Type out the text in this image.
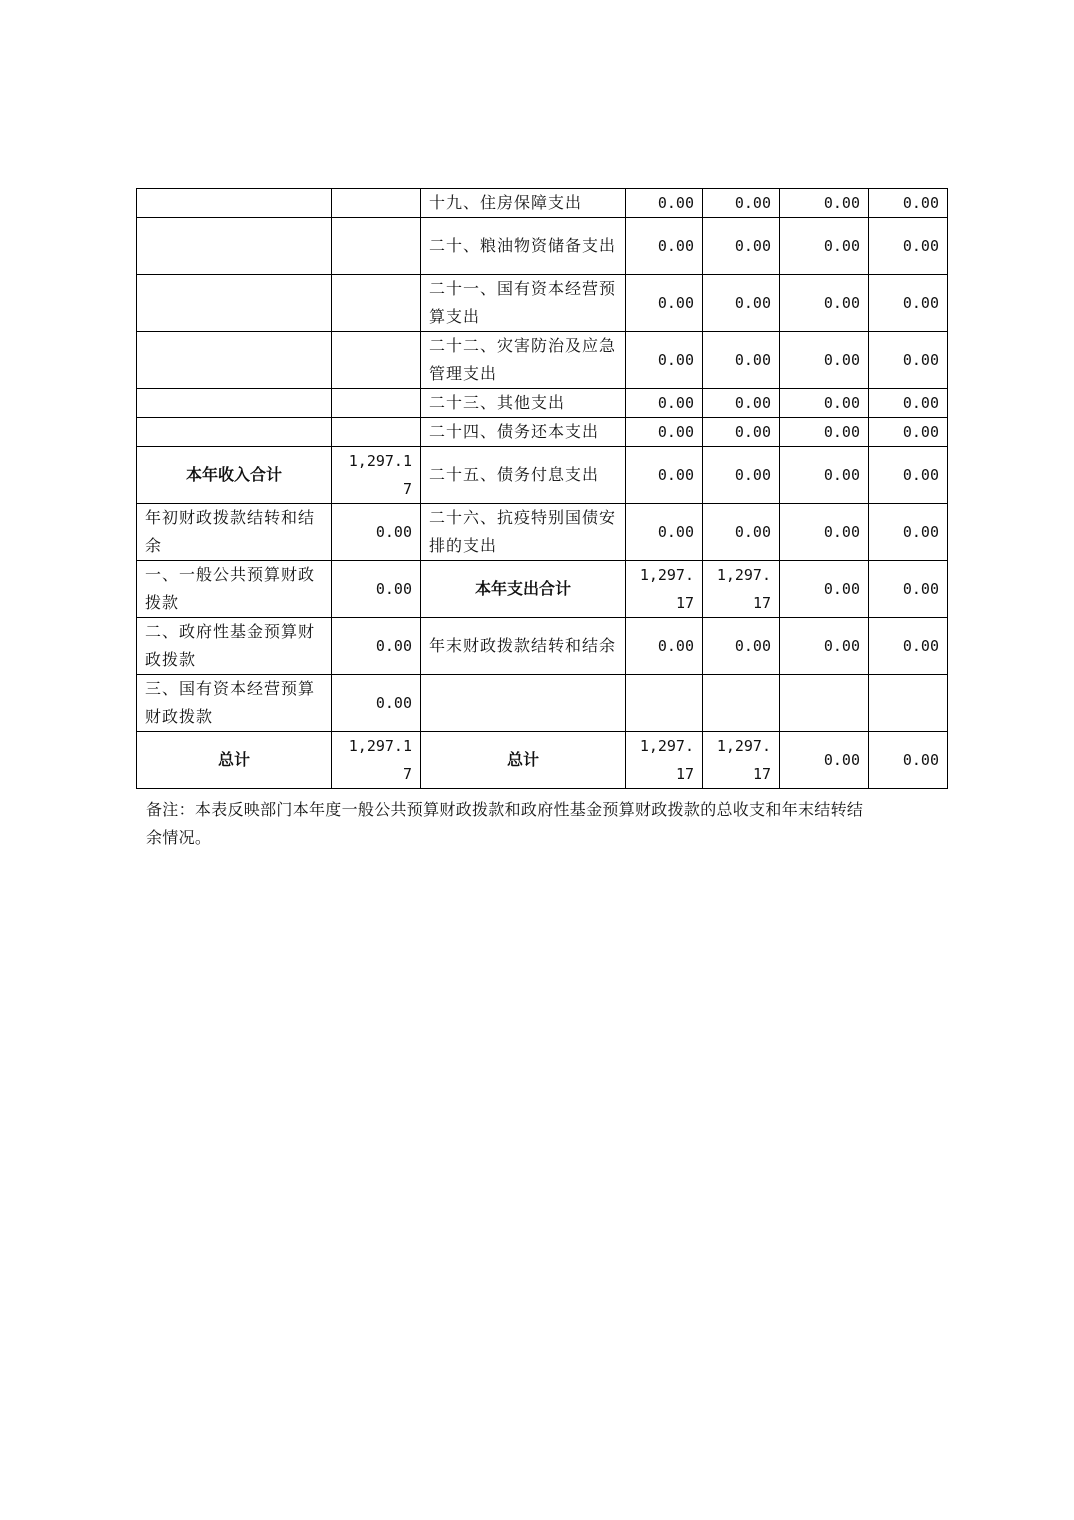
		十九、住房保障支出	0.00	0.00	0.00	0.00
		二十、粮油物资储备支出	0.00	0.00	0.00	0.00
		二十一、国有资本经营预算支出	0.00	0.00	0.00	0.00
		二十二、灾害防治及应急管理支出	0.00	0.00	0.00	0.00
		二十三、其他支出	0.00	0.00	0.00	0.00
		二十四、债务还本支出	0.00	0.00	0.00	0.00
本年收入合计	1,297.17	二十五、债务付息支出	0.00	0.00	0.00	0.00
年初财政拨款结转和结余	0.00	二十六、抗疫特别国债安排的支出	0.00	0.00	0.00	0.00
一、一般公共预算财政拨款	0.00	本年支出合计	1,297.17	1,297.17	0.00	0.00
二、政府性基金预算财政拨款	0.00	年末财政拨款结转和结余	0.00	0.00	0.00	0.00
三、国有资本经营预算财政拨款	0.00					
总计	1,297.17	总计	1,297.17	1,297.17	0.00	0.00
备注：本表反映部门本年度一般公共预算财政拨款和政府性基金预算财政拨款的总收支和年末结转结余情况。
